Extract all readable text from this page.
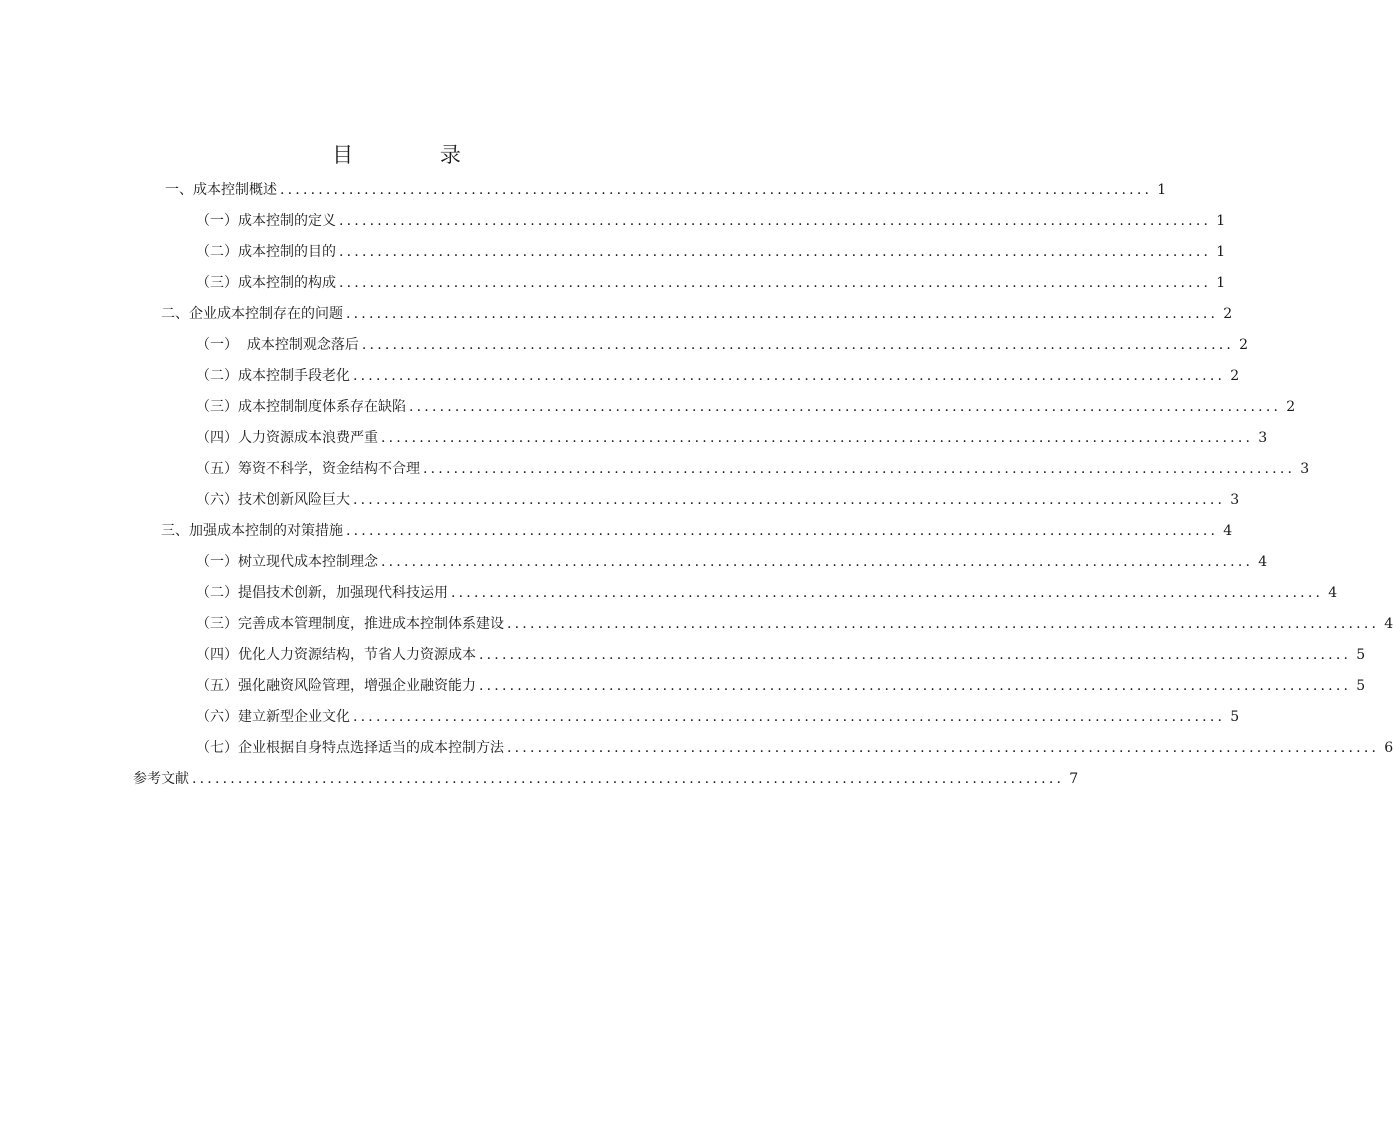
目 录
一、成本控制概述 .................................................................................................................. 1
（一）成本控制的定义 .................................................................................................................. 1
（二）成本控制的目的 .................................................................................................................. 1
（三）成本控制的构成 .................................................................................................................. 1
二、企业成本控制存在的问题 .................................................................................................................. 2
（一）  成本控制观念落后 .................................................................................................................. 2
（二）成本控制手段老化 .................................................................................................................. 2
（三）成本控制制度体系存在缺陷 .................................................................................................................. 2
（四）人力资源成本浪费严重 .................................................................................................................. 3
（五）筹资不科学，资金结构不合理 .................................................................................................................. 3
（六）技术创新风险巨大 .................................................................................................................. 3
三、加强成本控制的对策措施 .................................................................................................................. 4
（一）树立现代成本控制理念 .................................................................................................................. 4
（二）提倡技术创新，加强现代科技运用 .................................................................................................................. 4
（三）完善成本管理制度，推进成本控制体系建设 .................................................................................................................. 4
（四）优化人力资源结构，节省人力资源成本 .................................................................................................................. 5
（五）强化融资风险管理，增强企业融资能力 .................................................................................................................. 5
（六）建立新型企业文化 .................................................................................................................. 5
（七）企业根据自身特点选择适当的成本控制方法 .................................................................................................................. 6
参考文献 .................................................................................................................. 7
